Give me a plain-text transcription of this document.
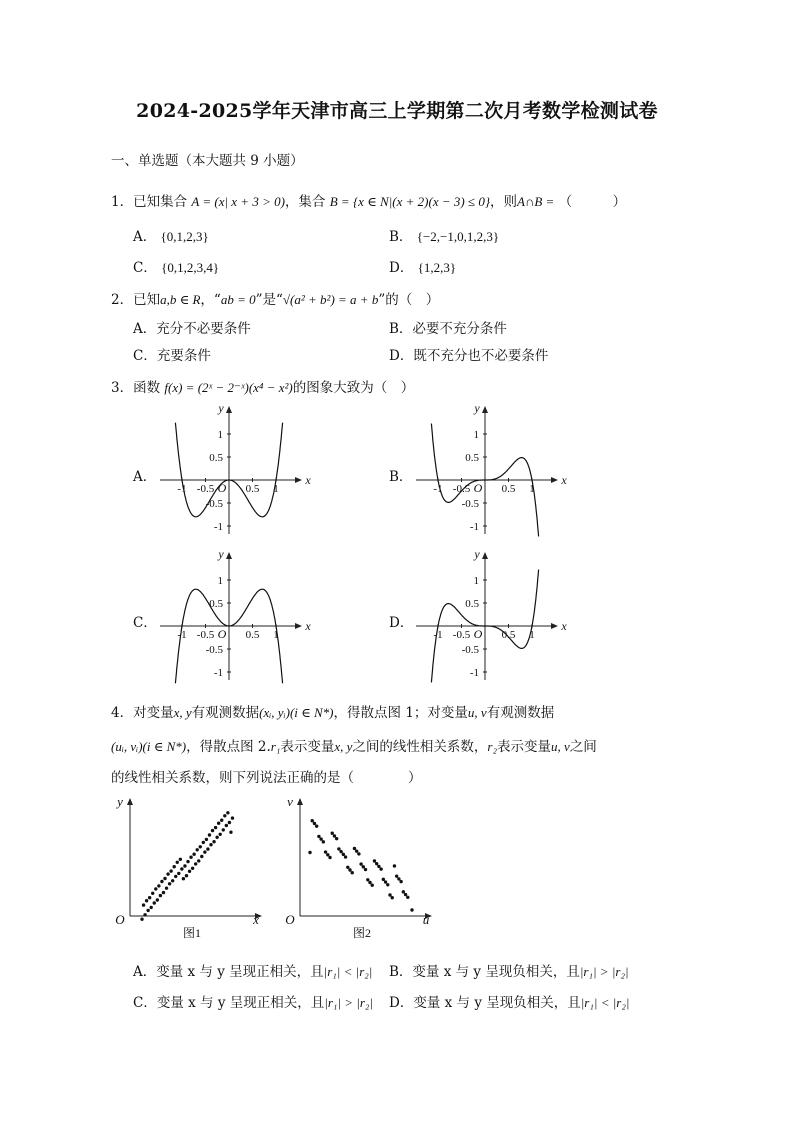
2024-2025学年天津市高三上学期第二次月考数学检测试卷
一、单选题（本大题共 9 小题）
1．已知集合 A = (x| x + 3 > 0)，集合 B = {x ∈ N|(x + 2)(x − 3) ≤ 0}，则A∩B = （　　　）
A． {0,1,2,3}	B． {−2,−1,0,1,2,3}
C． {0,1,2,3,4}	D． {1,2,3}
2．已知a,b ∈ R，“ab = 0”是“√(a² + b²) = a + b”的（　）
A．充分不必要条件	B．必要不充分条件
C．充要条件	D．既不充分也不必要条件
3．函数 f(x) = (2ˣ − 2⁻ˣ)(x⁴ − x²)的图象大致为（　）
A．	B．
C．	D．
x
y
O
-1 -0.5	0.5 1
1
0.5
-0.5
-1
x
y
O
-1 -0.5	0.5 1
1
0.5
-0.5
-1
x
y
O
-1 -0.5	0.5 1
1
0.5
-0.5
-1
x
y
O
-1 -0.5	0.5 1
1
0.5
-0.5
-1
4．对变量x, y有观测数据(xᵢ, yᵢ)(i ∈ N*)，得散点图 1；对变量u, v有观测数据
(uᵢ, vᵢ)(i ∈ N*)，得散点图 2.r₁表示变量x, y之间的线性相关系数，r₂表示变量u, v之间
的线性相关系数，则下列说法正确的是（　　　　）
y
x
O
图1
v
u
O
图2
A．变量 x 与 y 呈现正相关，且|r₁| < |r₂| B．变量 x 与 y 呈现负相关，且|r₁| > |r₂|
C．变量 x 与 y 呈现正相关，且|r₁| > |r₂| D．变量 x 与 y 呈现负相关，且|r₁| < |r₂|
